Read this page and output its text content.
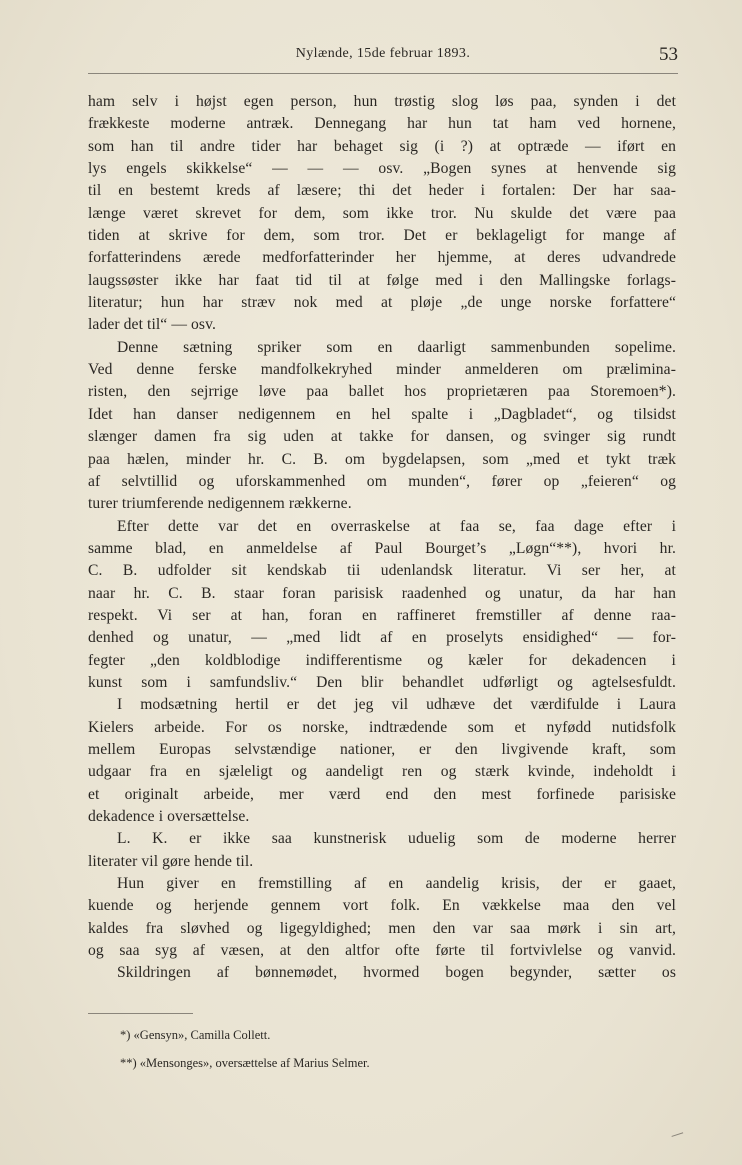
Nylænde, 15de februar 1893.	53
ham selv i højst egen person, hun trøstig slog løs paa, synden i det
frækkeste moderne antræk. Dennegang har hun tat ham ved hornene,
som han til andre tider har behaget sig (i ?) at optræde — iført en
lys engels skikkelse“ — — — osv. „Bogen synes at henvende sig
til en bestemt kreds af læsere; thi det heder i fortalen: Der har saa-
længe været skrevet for dem, som ikke tror. Nu skulde det være paa
tiden at skrive for dem, som tror. Det er beklageligt for mange af
forfatterindens ærede medforfatterinder her hjemme, at deres udvandrede
laugssøster ikke har faat tid til at følge med i den Mallingske forlags-
literatur; hun har stræv nok med at pløje „de unge norske forfattere“
lader det til“ — osv.
Denne sætning spriker som en daarligt sammenbunden sopelime.
Ved denne ferske mandfolkekryhed minder anmelderen om præliminа-
risten, den sejrrige løve paa ballet hos proprietæren paa Storemoen*).
Idet han danser nedigennem en hel spalte i „Dagbladet“, og tilsidst
slænger damen fra sig uden at takke for dansen, og svinger sig rundt
paa hælen, minder hr. C. B. om bygdelapsen, som „med et tykt træk
af selvtillid og uforskammenhed om munden“, fører op „feieren“ og
turer triumferende nedigennem rækkerne.
Efter dette var det en overraskelse at faa se, faa dage efter i
samme blad, en anmeldelse af Paul Bourget’s „Løgn“**), hvori hr.
C. B. udfolder sit kendskab tii udenlandsk literatur. Vi ser her, at
naar hr. C. B. staar foran parisisk raadenhed og unatur, da har han
respekt. Vi ser at han, foran en raffineret fremstiller af denne raa-
denhed og unatur, — „med lidt af en proselyts ensidighed“ — for-
fegter „den koldblodige indifferentisme og kæler for dekadencen i
kunst som i samfundsliv.“ Den blir behandlet udførligt og agtelsesfuldt.
I modsætning hertil er det jeg vil udhæve det værdifulde i Laura
Kielers arbeide. For os norske, indtrædende som et nyfødd nutidsfolk
mellem Europas selvstændige nationer, er den livgivende kraft, som
udgaar fra en sjæleligt og aandeligt ren og stærk kvinde, indeholdt i
et originalt arbeide, mer værd end den mest forfinede parisiske
dekadence i oversættelse.
L. K. er ikke saa kunstnerisk uduelig som de moderne herrer
literater vil gøre hende til.
Hun giver en fremstilling af en aandelig krisis, der er gaaet,
kuende og herjende gennem vort folk. En vækkelse maa den vel
kaldes fra sløvhed og ligegyldighed; men den var saa mørk i sin art,
og saa syg af væsen, at den altfor ofte førte til fortvivlelse og vanvid.
Skildringen af bønnemødet, hvormed bogen begynder, sætter os
*) «Gensyn», Camilla Collett.
**) «Mensonges», oversættelse af Marius Selmer.
